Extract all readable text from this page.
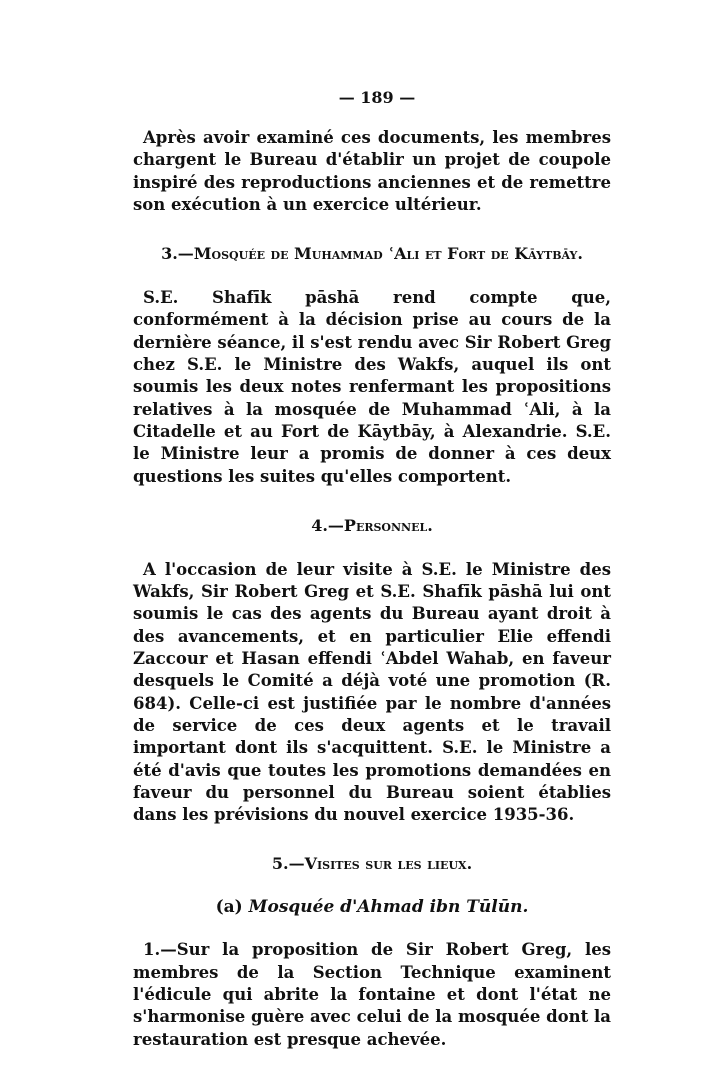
— 189 —

Après avoir examiné ces documents, les membres chargent le Bureau d'établir un projet de coupole inspiré des reproductions anciennes et de remettre son exécution à un exercice ultérieur.

3.—Mosquée de Muhammad ʿAli et Fort de Kāytbāy.

S.E. Shafīk pāshā rend compte que, conformément à la décision prise au cours de la dernière séance, il s'est rendu avec Sir Robert Greg chez S.E. le Ministre des Wakfs, auquel ils ont soumis les deux notes renfermant les propositions relatives à la mosquée de Muhammad ʿAli, à la Citadelle et au Fort de Kāytbāy, à Alexandrie. S.E. le Ministre leur a promis de donner à ces deux questions les suites qu'elles comportent.

4.—Personnel.

A l'occasion de leur visite à S.E. le Ministre des Wakfs, Sir Robert Greg et S.E. Shafīk pāshā lui ont soumis le cas des agents du Bureau ayant droit à des avancements, et en particulier Elie effendi Zaccour et Hasan effendi ʿAbdel Wahab, en faveur desquels le Comité a déjà voté une promotion (R. 684). Celle-ci est justifiée par le nombre d'années de service de ces deux agents et le travail important dont ils s'acquittent. S.E. le Ministre a été d'avis que toutes les promotions demandées en faveur du personnel du Bureau soient établies dans les prévisions du nouvel exercice 1935-36.

5.—Visites sur les lieux.
(a) Mosquée d'Ahmad ibn Tūlūn.

1.—Sur la proposition de Sir Robert Greg, les membres de la Section Technique examinent l'édicule qui abrite la fontaine et dont l'état ne s'harmonise guère avec celui de la mosquée dont la restauration est presque achevée.
